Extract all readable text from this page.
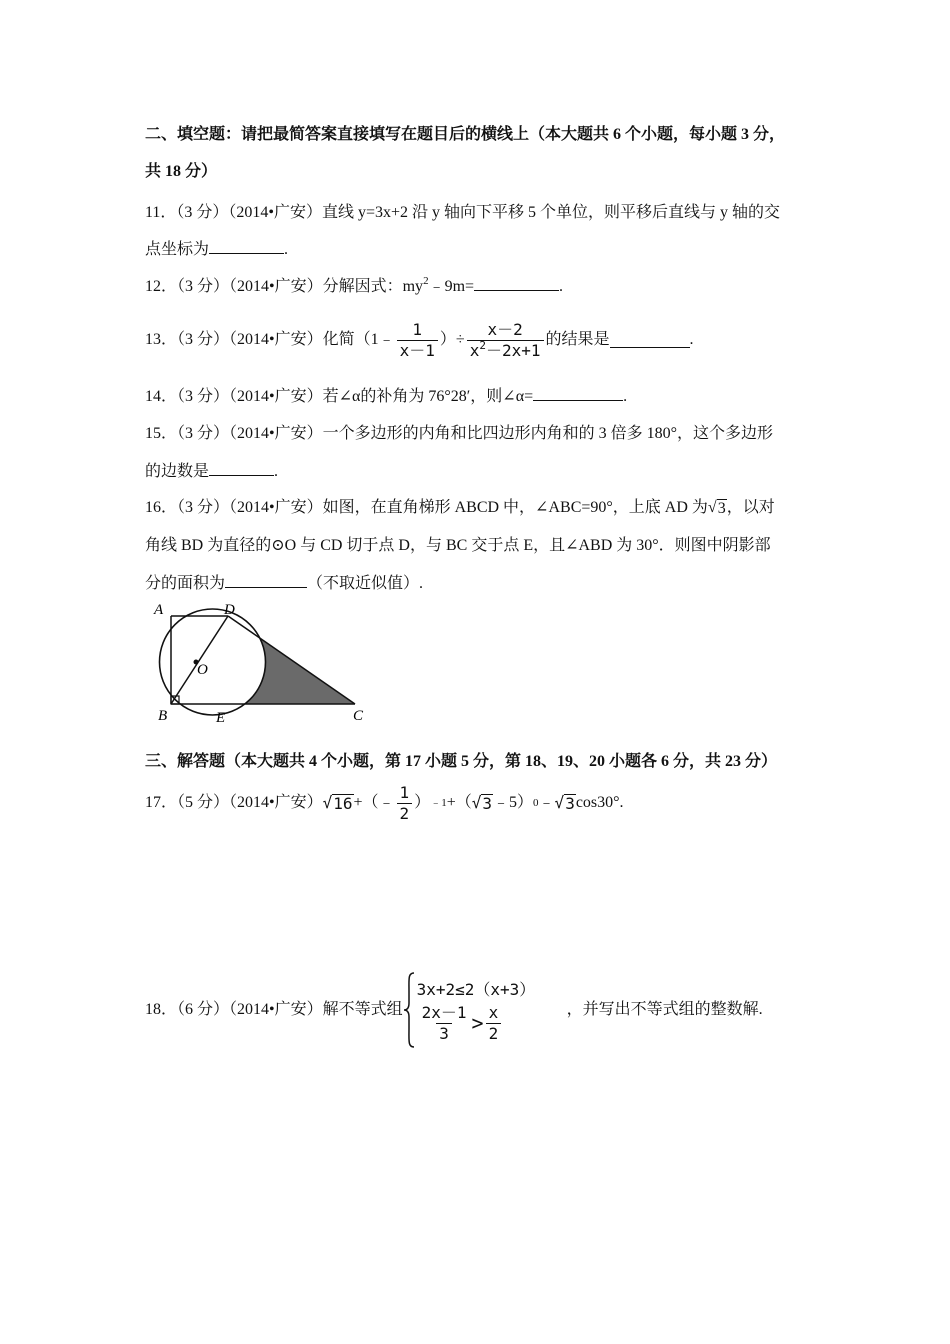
二、填空题：请把最简答案直接填写在题目后的横线上（本大题共 6 个小题，每小题 3 分，
共 18 分）
11．（3 分）（2014•广安）直线 y=3x+2 沿 y 轴向下平移 5 个单位，则平移后直线与 y 轴的交
点坐标为	.
12．（3 分）（2014•广安）分解因式：$my^2﹣9m=$	.
13．（3 分）（2014•广安）化简（1﹣ $\frac{1}{x-1}$ ）÷ $\frac{x-2}{x^2-2x+1}$ 的结果是	.
14．（3 分）（2014•广安）若∠α的补角为 76°28′，则∠α=	.
15．（3 分）（2014•广安）一个多边形的内角和比四边形内角和的 3 倍多 180°，这个多边形
的边数是	.
16．（3 分）（2014•广安）如图，在直角梯形 ABCD 中，∠ABC=90°，上底 AD 为 √ 3 ，以对
角线 BD 为直径的⊙O 与 CD 切于点 D，与 BC 交于点 E，且∠ABD 为 30°．则图中阴影部
分的面积为	（不取近似值）.
A	D
O
B	E	C
三、解答题（本大题共 4 个小题，第 17 小题 5 分，第 18、19、20 小题各 6 分，共 23 分）
17．（5 分）（2014•广安） √ 16 +（﹣ $\frac{1}{2}$ ） ﹣1 +（ √ 3 ﹣5） 0 ﹣ √ 3 cos30°.
18．（6 分）（2014•广安）解不等式组
3x+2≤2（x+3）
$\frac{2x-1}{3} > \frac{x}{2}$	，并写出不等式组的整数解.
